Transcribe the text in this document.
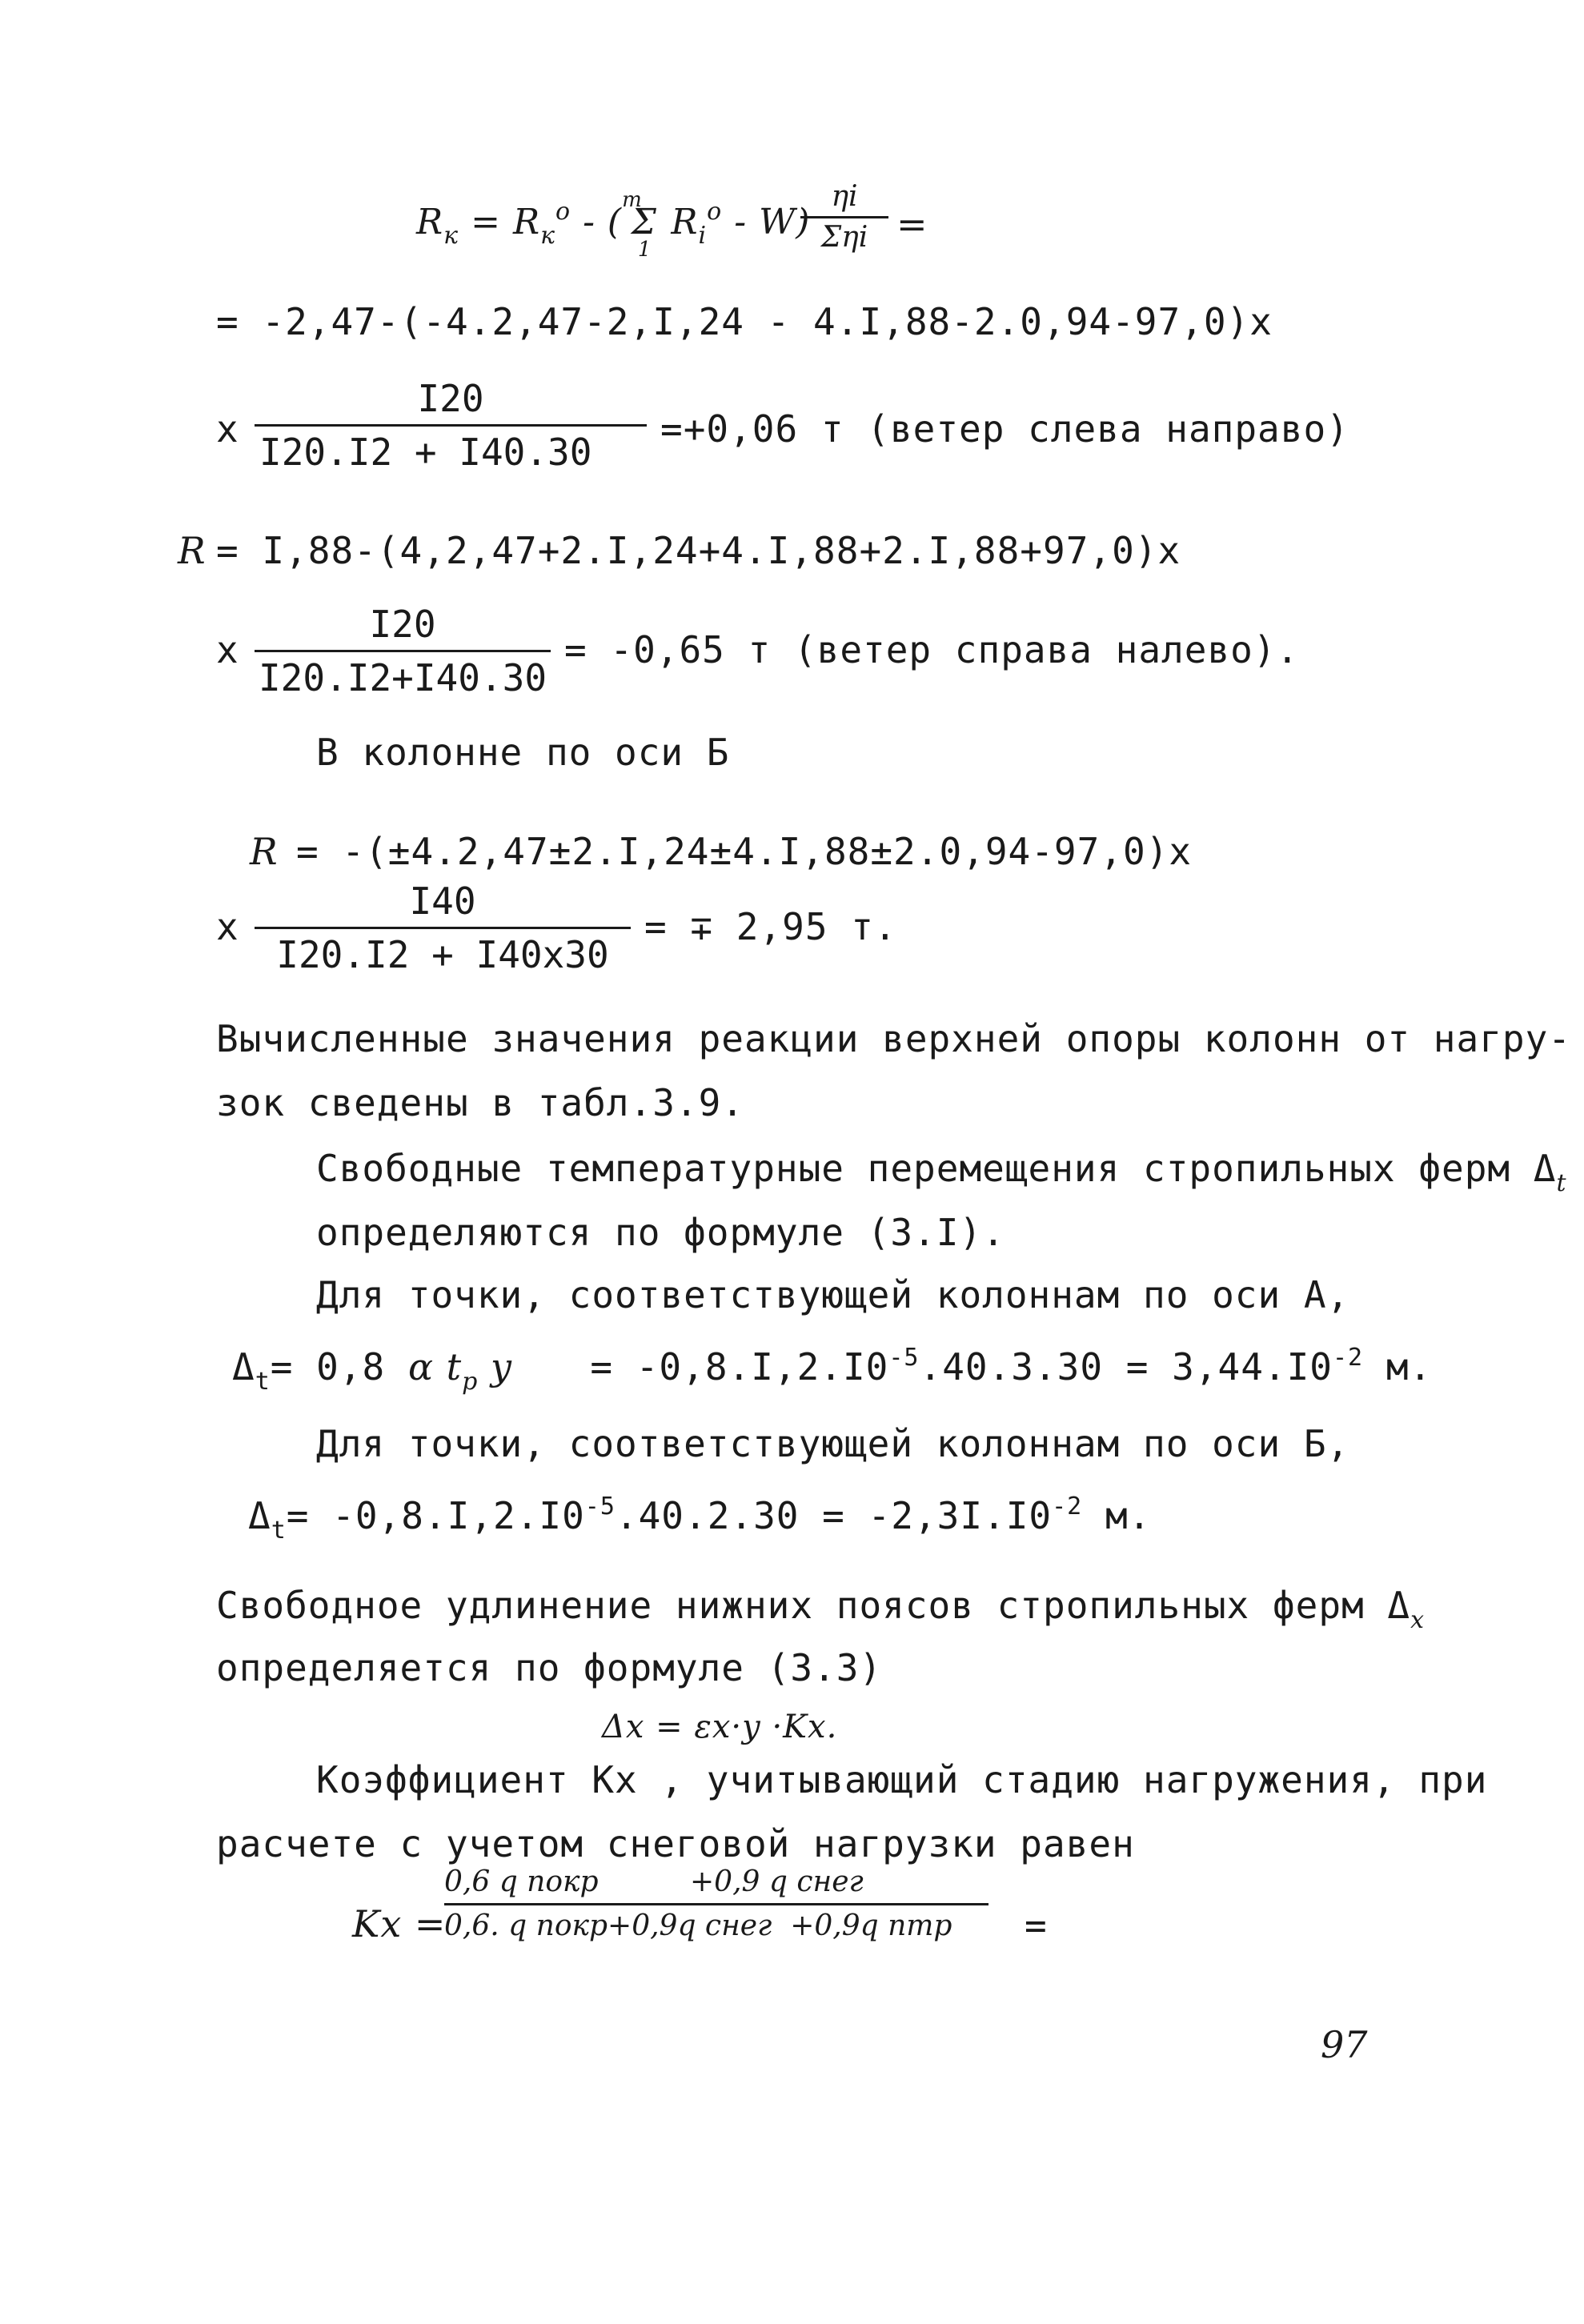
$R_к = R_к^o - (^m\Sigma_1R_i^o - W)$
ηi
Σηi =
= -2,47-(-4.2,47-2,I,24 - 4.I,88-2.0,94-97,0)x
x
I20
I20.I2 + I40.30
=+0,06 т (ветер слева направо)
R = I,88-(4,2,47+2.I,24+4.I,88+2.I,88+97,0)x
x
I20
I20.I2+I40.30
= -0,65 т (ветер справа налево).
В колонне по оси Б
R = -(±4.2,47±2.I,24±4.I,88±2.0,94-97,0)x
x
I40
I20.I2 + I40x30
= ∓ 2,95 т.
Вычисленные значения реакции верхней опоры колонн от нагру-
зок сведены в табл.3.9.
Свободные температурные перемещения стропильных ферм $\Delta_t$
определяются по формуле (3.I).
Для точки, соответствующей колоннам по оси А,
$\Delta_t= 0,8$ α $t_р$ $y = -0,8.I,2.I0^{-5}.40.3.30 = 3,44.I0^{-2}$ м.
Для точки, соответствующей колоннам по оси Б,
$\Delta_t= -0,8.I,2.I0^{-5}.40.2.30 = -2,3I.I0^{-2}$ м.
Свободное удлинение нижних поясов стропильных ферм $\Delta_x$
определяется по формуле (3.3)
Δx = εx·y ·Kx.
Коэффициент Kx , учитывающий стадию нагружения, при
расчете с учетом снеговой нагрузки равен
Kx =
0,6 q покр          +0,9 q снег
0,6. q покр+0,9q снег  +0,9q птр	=
97
